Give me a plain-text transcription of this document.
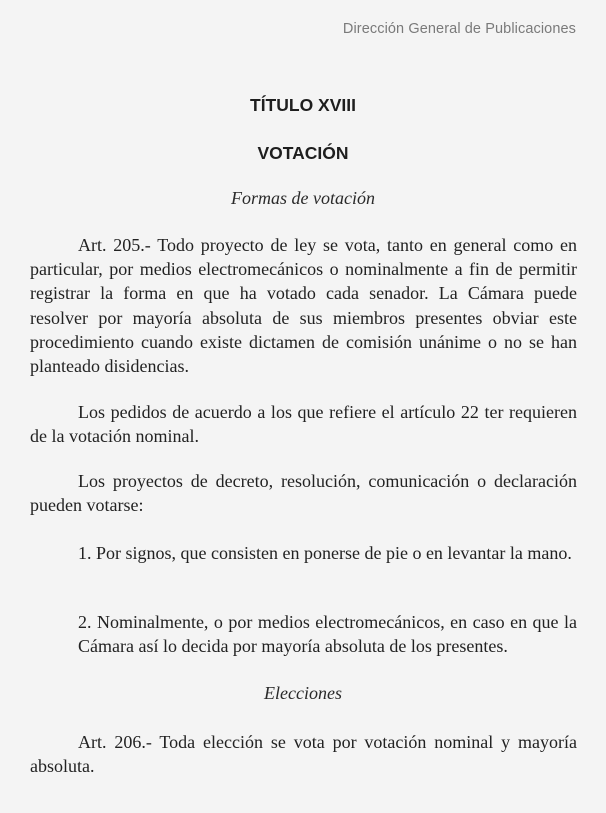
Dirección General de Publicaciones
TÍTULO XVIII
VOTACIÓN
Formas de votación

Art. 205.- Todo proyecto de ley se vota, tanto en general como en particular, por medios electromecánicos o nominalmente a fin de permitir registrar la forma en que ha votado cada senador. La Cámara puede resolver por mayoría absoluta de sus miembros presentes obviar este procedimiento cuando existe dictamen de comisión unánime o no se han planteado disidencias.

Los pedidos de acuerdo a los que refiere el artículo 22 ter requieren de la votación nominal.

Los proyectos de decreto, resolución, comunicación o declaración pueden votarse:

1. Por signos, que consisten en ponerse de pie o en levantar la mano.

2. Nominalmente, o por medios electromecánicos, en caso en que la Cámara así lo decida por mayoría absoluta de los presentes.

Elecciones

Art. 206.- Toda elección se vota por votación nominal y mayoría absoluta.
